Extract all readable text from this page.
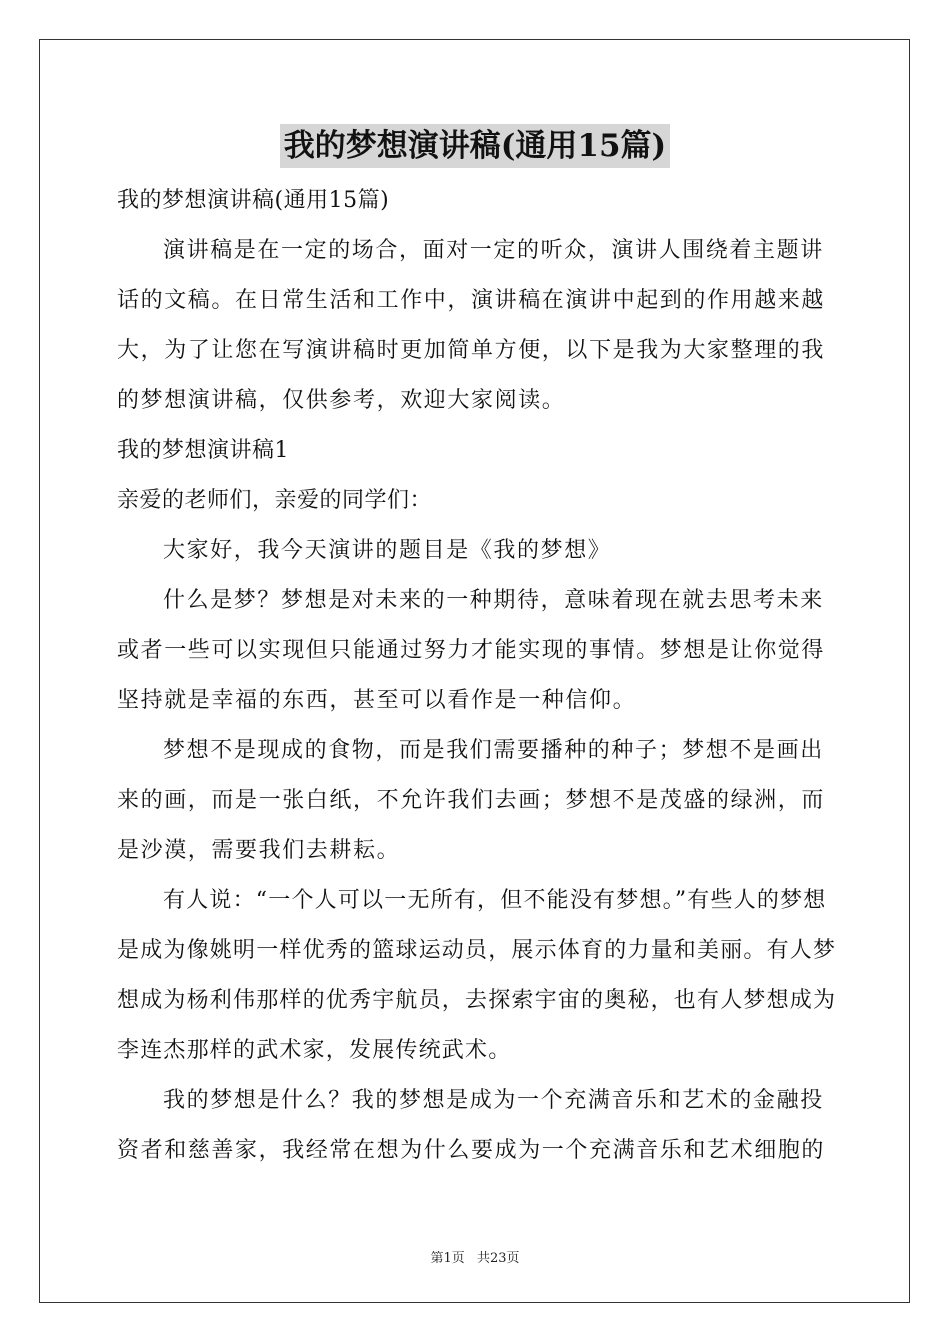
我的梦想演讲稿(通用15篇)

我的梦想演讲稿(通用15篇)

演讲稿是在一定的场合，面对一定的听众，演讲人围绕着主题讲话的文稿。在日常生活和工作中，演讲稿在演讲中起到的作用越来越大，为了让您在写演讲稿时更加简单方便，以下是我为大家整理的我的梦想演讲稿，仅供参考，欢迎大家阅读。

我的梦想演讲稿1

亲爱的老师们，亲爱的同学们：

大家好，我今天演讲的题目是《我的梦想》

什么是梦？梦想是对未来的一种期待，意味着现在就去思考未来或者一些可以实现但只能通过努力才能实现的事情。梦想是让你觉得坚持就是幸福的东西，甚至可以看作是一种信仰。

梦想不是现成的食物，而是我们需要播种的种子；梦想不是画出来的画，而是一张白纸，不允许我们去画；梦想不是茂盛的绿洲，而是沙漠，需要我们去耕耘。

有人说：“一个人可以一无所有，但不能没有梦想。”有些人的梦想是成为像姚明一样优秀的篮球运动员，展示体育的力量和美丽。有人梦想成为杨利伟那样的优秀宇航员，去探索宇宙的奥秘，也有人梦想成为李连杰那样的武术家，发展传统武术。

我的梦想是什么？我的梦想是成为一个充满音乐和艺术的金融投资者和慈善家，我经常在想为什么要成为一个充满音乐和艺术细胞的

第1页 共23页
